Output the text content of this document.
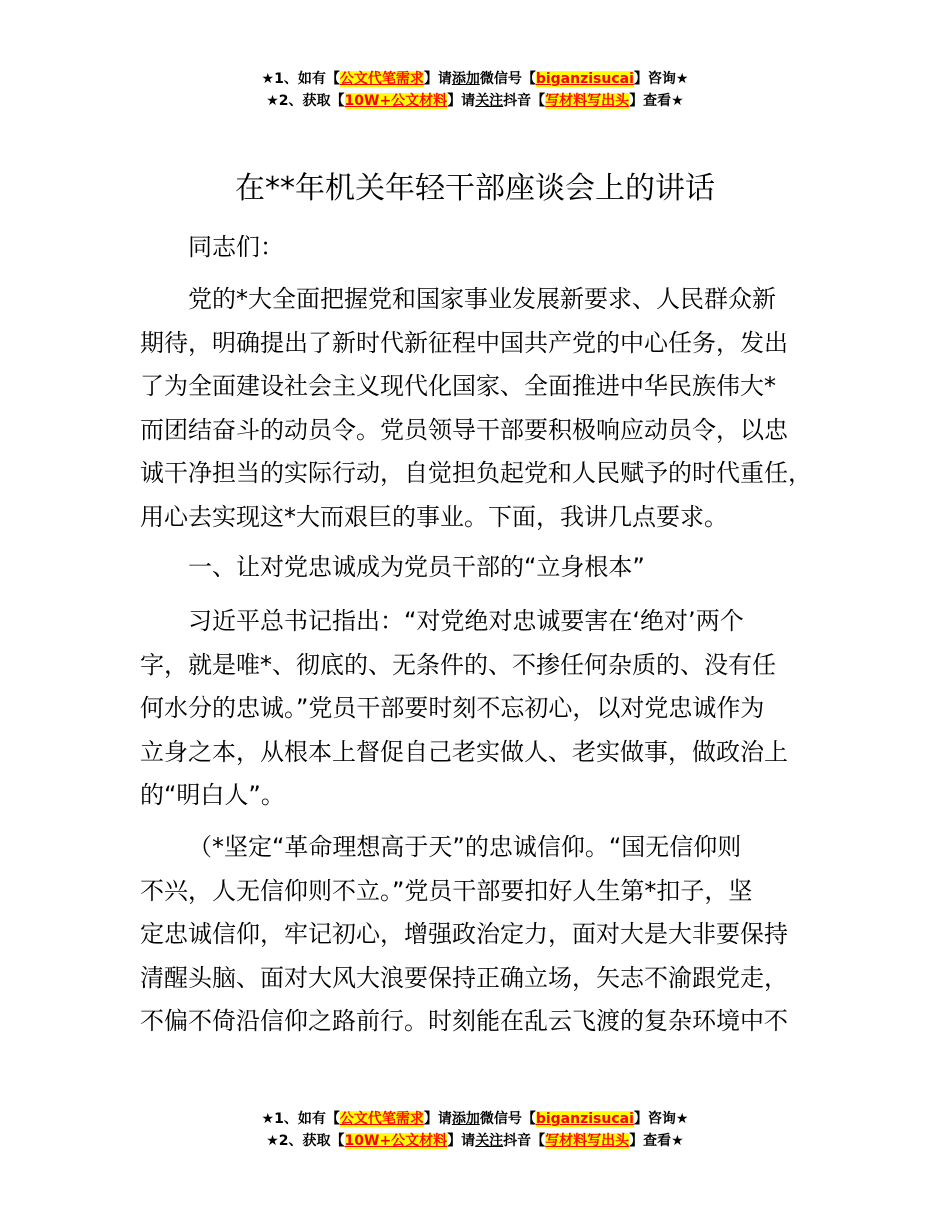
★1、如有【公文代笔需求】请添加微信号【biganzisucai】咨询★
★2、获取【10W+公文材料】请关注抖音【写材料写出头】查看★
在**年机关年轻干部座谈会上的讲话
同志们：
党的*大全面把握党和国家事业发展新要求、人民群众新
期待，明确提出了新时代新征程中国共产党的中心任务，发出
了为全面建设社会主义现代化国家、全面推进中华民族伟大*
而团结奋斗的动员令。党员领导干部要积极响应动员令，以忠
诚干净担当的实际行动，自觉担负起党和人民赋予的时代重任，
用心去实现这*大而艰巨的事业。下面，我讲几点要求。
一、让对党忠诚成为党员干部的“立身根本”
习近平总书记指出：“对党绝对忠诚要害在‘绝对’两个
字，就是唯*、彻底的、无条件的、不掺任何杂质的、没有任
何水分的忠诚。”党员干部要时刻不忘初心，以对党忠诚作为
立身之本，从根本上督促自己老实做人、老实做事，做政治上
的“明白人”。
（*坚定“革命理想高于天”的忠诚信仰。“国无信仰则
不兴，人无信仰则不立。”党员干部要扣好人生第*扣子，坚
定忠诚信仰，牢记初心，增强政治定力，面对大是大非要保持
清醒头脑、面对大风大浪要保持正确立场，矢志不渝跟党走，
不偏不倚沿信仰之路前行。时刻能在乱云飞渡的复杂环境中不
★1、如有【公文代笔需求】请添加微信号【biganzisucai】咨询★
★2、获取【10W+公文材料】请关注抖音【写材料写出头】查看★
